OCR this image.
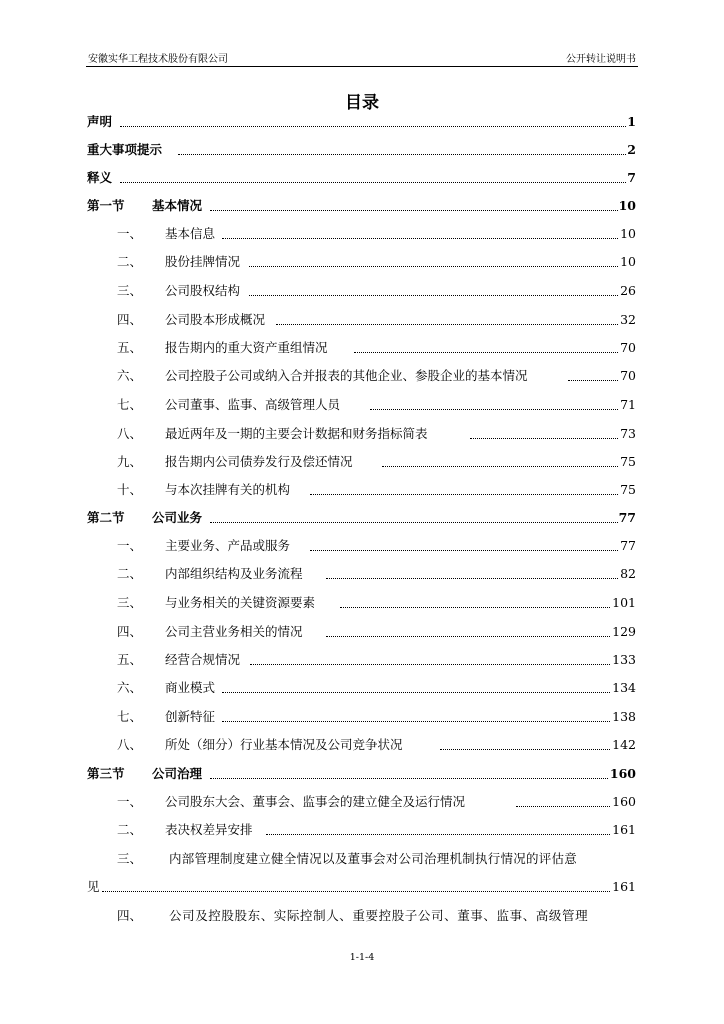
安徽实华工程技术股份有限公司	公开转让说明书
目录
声明	1
重大事项提示	2
释义	7
第一节 基本情况	10
一、 基本信息	10
二、 股份挂牌情况	10
三、 公司股权结构	26
四、 公司股本形成概况	32
五、 报告期内的重大资产重组情况	70
六、 公司控股子公司或纳入合并报表的其他企业、参股企业的基本情况	70
七、 公司董事、监事、高级管理人员	71
八、 最近两年及一期的主要会计数据和财务指标简表	73
九、 报告期内公司债券发行及偿还情况	75
十、 与本次挂牌有关的机构	75
第二节 公司业务	77
一、 主要业务、产品或服务	77
二、 内部组织结构及业务流程	82
三、 与业务相关的关键资源要素	101
四、 公司主营业务相关的情况	129
五、 经营合规情况	133
六、 商业模式	134
七、 创新特征	138
八、 所处（细分）行业基本情况及公司竞争状况	142
第三节 公司治理	160
一、 公司股东大会、董事会、监事会的建立健全及运行情况	160
二、 表决权差异安排	161
三、 内部管理制度建立健全情况以及董事会对公司治理机制执行情况的评估意
见	161
四、 公司及控股股东、实际控制人、重要控股子公司、董事、监事、高级管理
1-1-4
